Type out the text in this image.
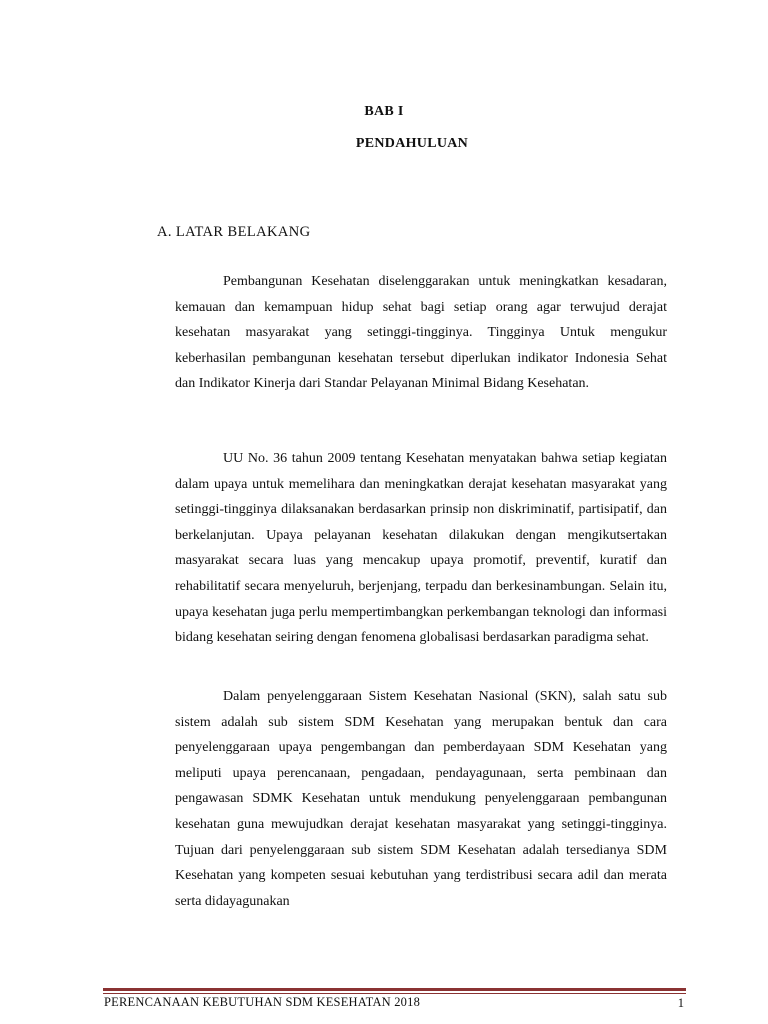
BAB I
PENDAHULUAN
A. LATAR BELAKANG

Pembangunan Kesehatan diselenggarakan untuk meningkatkan kesadaran, kemauan dan kemampuan hidup sehat bagi setiap orang agar terwujud derajat kesehatan masyarakat yang setinggi-tingginya. Tingginya Untuk mengukur keberhasilan pembangunan kesehatan tersebut diperlukan indikator Indonesia Sehat dan Indikator Kinerja dari Standar Pelayanan Minimal Bidang Kesehatan.

UU No. 36 tahun 2009 tentang Kesehatan menyatakan bahwa setiap kegiatan dalam upaya untuk memelihara dan meningkatkan derajat kesehatan masyarakat yang setinggi-tingginya dilaksanakan berdasarkan prinsip non diskriminatif, partisipatif, dan berkelanjutan. Upaya pelayanan kesehatan dilakukan dengan mengikutsertakan masyarakat secara luas yang mencakup upaya promotif, preventif, kuratif dan rehabilitatif secara menyeluruh, berjenjang, terpadu dan berkesinambungan. Selain itu, upaya kesehatan juga perlu mempertimbangkan perkembangan teknologi dan informasi bidang kesehatan seiring dengan fenomena globalisasi berdasarkan paradigma sehat.

Dalam penyelenggaraan Sistem Kesehatan Nasional (SKN), salah satu sub sistem adalah sub sistem SDM Kesehatan yang merupakan bentuk dan cara penyelenggaraan upaya pengembangan dan pemberdayaan SDM Kesehatan yang meliputi upaya perencanaan, pengadaan, pendayagunaan, serta pembinaan dan pengawasan SDMK Kesehatan untuk mendukung penyelenggaraan pembangunan kesehatan guna mewujudkan derajat kesehatan masyarakat yang setinggi-tingginya. Tujuan dari penyelenggaraan sub sistem SDM Kesehatan adalah tersedianya SDM Kesehatan yang kompeten sesuai kebutuhan yang terdistribusi secara adil dan merata serta didayagunakan

PERENCANAAN KEBUTUHAN SDM KESEHATAN 2018	1
